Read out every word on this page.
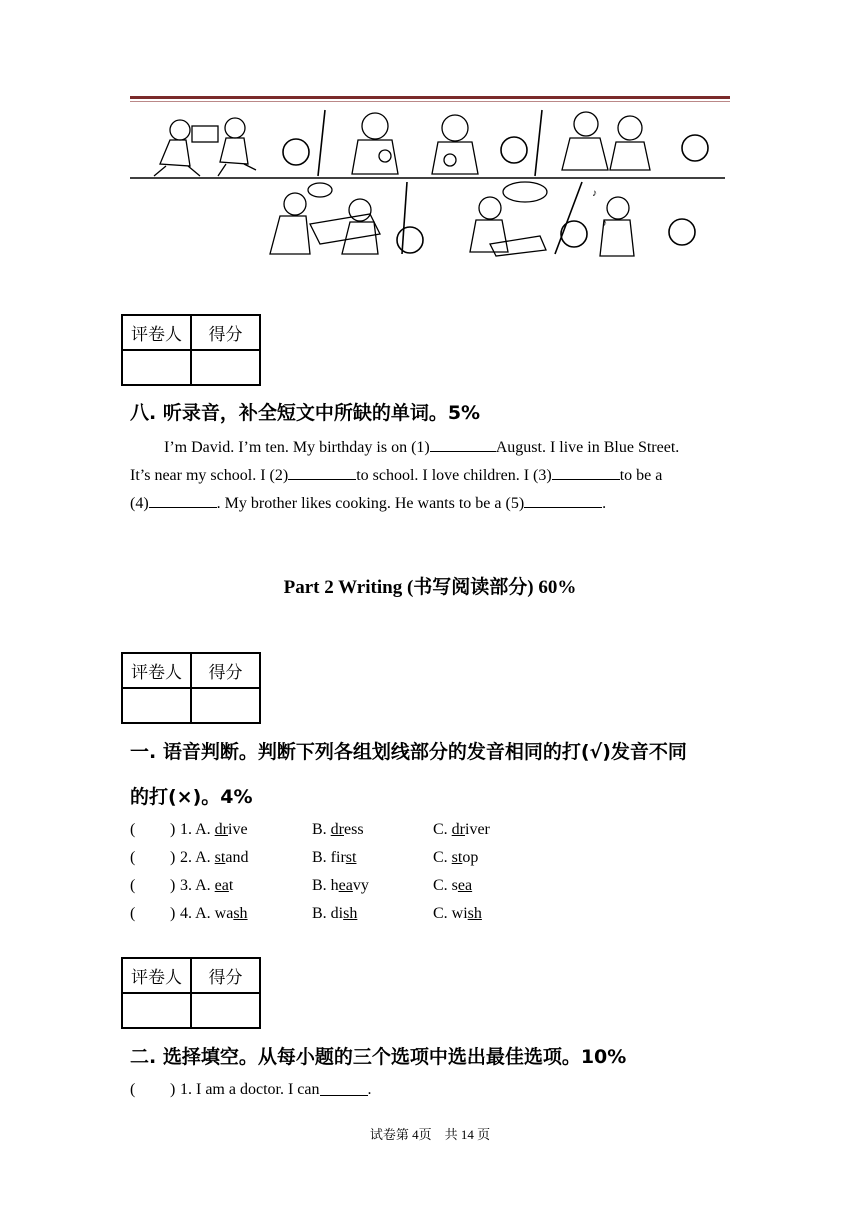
♪
♪
评卷人	得分

八. 听录音，补全短文中所缺的单词。5%
I’m David. I’m ten. My birthday is on (1)	August. I live in Blue Street.
It’s near my school. I (2)	to school. I love children. I (3)	to be a
(4)	. My brother likes cooking. He wants to be a (5)	.
Part 2 Writing (书写阅读部分) 60%
评卷人	得分

一. 语音判断。判断下列各组划线部分的发音相同的打(√)发音不同
的打(×)。4%
( ) 1. A. drive	B. dress	C. driver
( ) 2. A. stand	B. first	C. stop
( ) 3. A. eat	B. heavy	C. sea
( ) 4. A. wash	B. dish	C. wish
评卷人	得分

二. 选择填空。从每小题的三个选项中选出最佳选项。10%
( ) 1. I am a doctor. I can	.
试卷第 4页　共 14 页
